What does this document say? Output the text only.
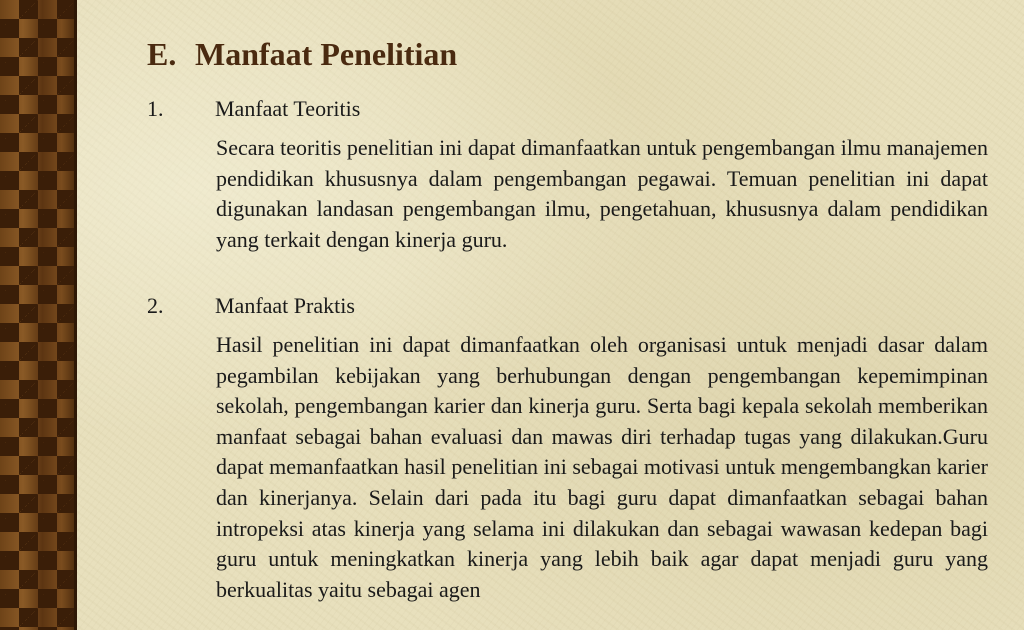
E. Manfaat Penelitian
1. Manfaat Teoritis

Secara teoritis penelitian ini dapat dimanfaatkan untuk pengembangan ilmu manajemen pendidikan khususnya dalam pengembangan pegawai. Temuan penelitian ini dapat digunakan landasan pengembangan ilmu, pengetahuan, khususnya dalam pendidikan yang terkait dengan kinerja guru.

2. Manfaat Praktis

Hasil penelitian ini dapat dimanfaatkan oleh organisasi untuk menjadi dasar dalam pegambilan kebijakan yang berhubungan dengan pengembangan kepemimpinan sekolah, pengembangan karier dan kinerja guru. Serta bagi kepala sekolah memberikan manfaat sebagai bahan evaluasi dan mawas diri terhadap tugas yang dilakukan.Guru dapat memanfaatkan hasil penelitian ini sebagai motivasi untuk mengembangkan karier dan kinerjanya. Selain dari pada itu bagi guru dapat dimanfaatkan sebagai bahan intropeksi atas kinerja yang selama ini dilakukan dan sebagai wawasan kedepan bagi guru untuk meningkatkan kinerja yang lebih baik agar dapat menjadi guru yang berkualitas yaitu sebagai agen
